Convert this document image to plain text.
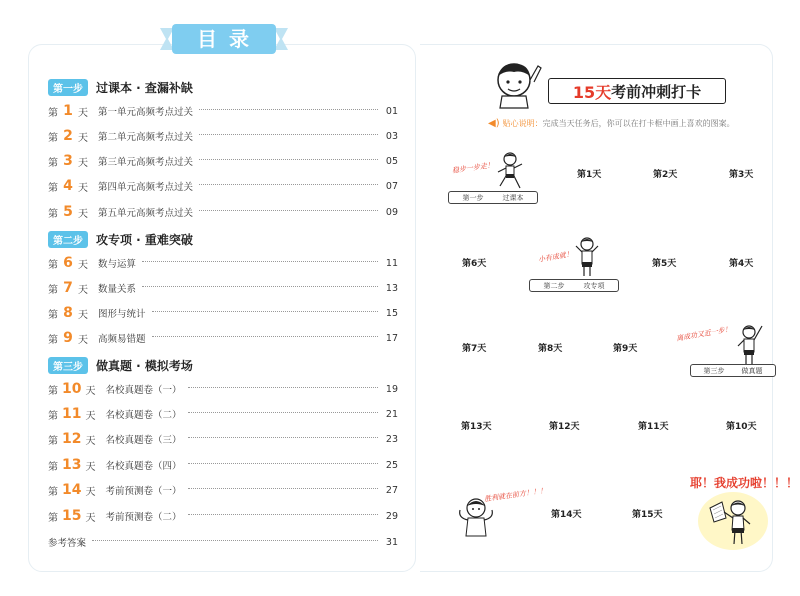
目录
第一步	过课本 · 查漏补缺
第 1 天 第一单元高频考点过关	01
第 2 天 第二单元高频考点过关	03
第 3 天 第三单元高频考点过关	05
第 4 天 第四单元高频考点过关	07
第 5 天 第五单元高频考点过关	09
第二步	攻专项 · 重难突破
第 6 天 数与运算	11
第 7 天 数量关系	13
第 8 天 图形与统计	15
第 9 天 高频易错题	17
第三步	做真题 · 模拟考场
第 10 天 名校真题卷（一）	19
第 11 天 名校真题卷（二）	21
第 12 天 名校真题卷（三）	23
第 13 天 名校真题卷（四）	25
第 14 天 考前预测卷（一）	27
第 15 天 考前预测卷（二）	29
参考答案	31
15天 考前冲刺打卡
◀) 贴心说明：完成当天任务后，你可以在打卡框中画上喜欢的图案。
稳步一步走！
第一步	过课本
第1天	第2天	第3天
小有成就！
第二步	攻专项
第6天	第5天	第4天
第7天	第8天	第9天
离成功又近一步！
第三步 做真题
第13天	第12天	第11天	第10天
胜利就在前方！！！
第14天	第15天
耶！我成功啦！！！
